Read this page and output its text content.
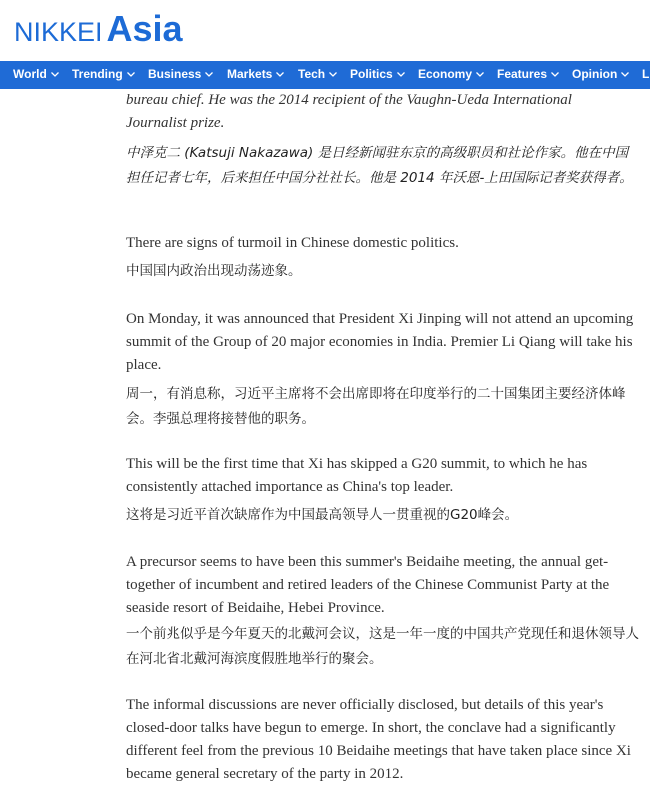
NIKKEI Asia
World	Trending	Business	Markets	Tech	Politics	Economy	Features	Opinion	L
bureau chief. He was the 2014 recipient of the Vaughn-Ueda International
Journalist prize.
中泽克二 (Katsuji Nakazawa) 是日经新闻驻东京的高级职员和社论作家。他在中国担任记者七年，后来担任中国分社社长。他是 2014 年沃恩-上田国际记者奖获得者。
There are signs of turmoil in Chinese domestic politics.
中国国内政治出现动荡迹象。
On Monday, it was announced that President Xi Jinping will not attend an upcoming summit of the Group of 20 major economies in India. Premier Li Qiang will take his place.
周一，有消息称，习近平主席将不会出席即将在印度举行的二十国集团主要经济体峰会。李强总理将接替他的职务。
This will be the first time that Xi has skipped a G20 summit, to which he has consistently attached importance as China's top leader.
这将是习近平首次缺席作为中国最高领导人一贯重视的G20峰会。
A precursor seems to have been this summer's Beidaihe meeting, the annual get-together of incumbent and retired leaders of the Chinese Communist Party at the seaside resort of Beidaihe, Hebei Province.
一个前兆似乎是今年夏天的北戴河会议，这是一年一度的中国共产党现任和退休领导人在河北省北戴河海滨度假胜地举行的聚会。
The informal discussions are never officially disclosed, but details of this year's closed-door talks have begun to emerge. In short, the conclave had a significantly different feel from the previous 10 Beidaihe meetings that have taken place since Xi became general secretary of the party in 2012.
